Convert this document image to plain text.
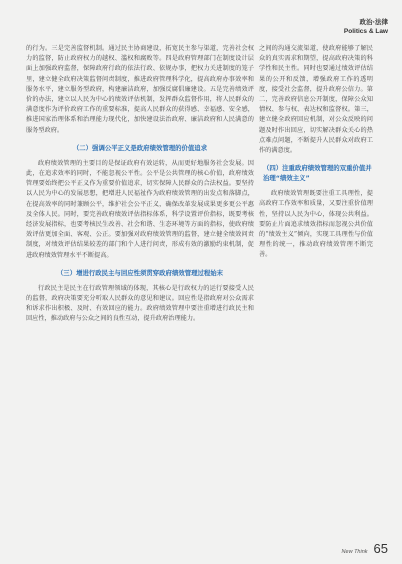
政治·法律
Politics & Law

的行为。三是完善监督机制。通过民主协商建设，拓宽民主参与渠道，完善社会权力的监督，防止政府权力的越权、滥权和腐败等。四是政府管理部门在制度设计层面上加强政府监督，保障政府行政的依法行政、依规办事，把权力关进制度的笼子里，建立健全政府决策监督问责制度，推进政府管理科学化，提高政府办事效率和服务水平，建立服务型政府，构建廉洁政府，加强反腐倡廉建设。五是完善绩效评价的办法，建立以人民为中心的绩效评估机制，发挥群众监督作用，将人民群众的满意度作为评价政府工作的重要标准，提高人民群众的获得感、幸福感、安全感，推进国家治理体系和治理能力现代化，加快建设法治政府、廉洁政府和人民满意的服务型政府。

（二）强调公平正义是政府绩效管理的价值追求

政府绩效管理的主要目的是保证政府有效运转，从而更好地服务社会发展。因此，在追求效率的同时，不能忽视公平性。公平是公共管理的核心价值，政府绩效管理要始终把公平正义作为重要价值追求，切实保障人民群众的合法权益。要坚持以人民为中心的发展思想，把增进人民福祉作为政府绩效管理的出发点和落脚点，在提高效率的同时兼顾公平，维护社会公平正义，确保改革发展成果更多更公平惠及全体人民。同时，要完善政府绩效评估指标体系，科学设置评价指标，既要考核经济发展指标，也要考核民生改善、社会和谐、生态环境等方面的指标，使政府绩效评估更加全面、客观、公正。要加强对政府绩效管理的监督，建立健全绩效问责制度，对绩效评估结果较差的部门和个人进行问责，形成有效的激励约束机制，促进政府绩效管理水平不断提高。

（三）增进行政民主与回应性须贯穿政府绩效管理过程始末

行政民主是民主在行政管理领域的体现，其核心是行政权力的运行要接受人民的监督，政府决策要充分听取人民群众的意见和建议。回应性是指政府对公众需求和诉求作出积极、及时、有效回应的能力。政府绩效管理中要注重增进行政民主和回应性，推动政府与公众之间的良性互动，提升政府治理能力。

之间的沟通交流渠道，使政府能够了解民众的真实需求和期望，提高政府决策的科学性和民主性。同时也要通过绩效评估结果的公开和反馈，增强政府工作的透明度，接受社会监督，提升政府公信力。第二，完善政府信息公开制度，保障公众知情权、参与权、表达权和监督权。第三，建立健全政府回应机制，对公众反映的问题及时作出回应，切实解决群众关心的热点难点问题，不断提升人民群众对政府工作的满意度。

（四）注重政府绩效管理的双重价值并治理“绩效主义”

政府绩效管理既要注重工具理性，提高政府工作效率和质量，又要注重价值理性，坚持以人民为中心，体现公共利益。要防止片面追求绩效指标而忽视公共价值的“绩效主义”倾向，实现工具理性与价值理性的统一，推动政府绩效管理不断完善。

New Think 65
